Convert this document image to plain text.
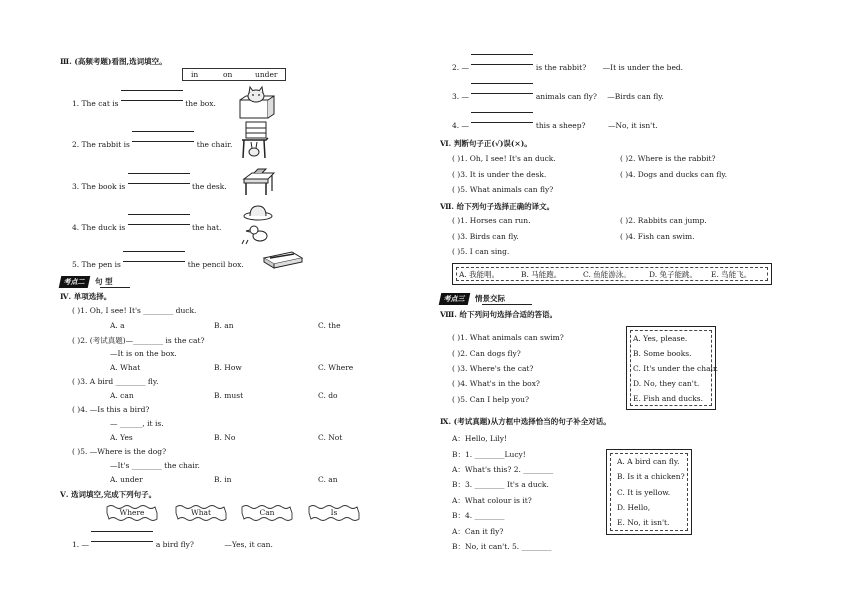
Ⅲ. (高频考题)看图,选词填空。
in	on	under
1. The cat is	the box.
2. The rabbit is	the chair.
3. The book is	the desk.
4. The duck is	the hat.
5. The pen is	the pencil box.
考点二 句 型
Ⅳ. 单项选择。
( )1. Oh, I see! It's ________ duck.
A. a	B. an	C. the
( )2. (考试真题)—________ is the cat?
—It is on the box.
A. What	B. How	C. Where
( )3. A bird ________ fly.
A. can	B. must	C. do
( )4. —Is this a bird?
— ______, it is.
A. Yes	B. No	C. Not
( )5. —Where is the dog?
—It's ________ the chair.
A. under	B. in	C. an
Ⅴ. 选词填空,完成下列句子。
Where	What	Can	Is
1. —	a bird fly?	—Yes, it can.
2. —	is the rabbit? —It is under the bed.
3. —	animals can fly? —Birds can fly.
4. —	this a sheep?	—No, it isn't.
Ⅵ. 判断句子正(√)误(×)。
( )1. Oh, I see! It's an duck.	( )2. Where is the rabbit?
( )3. It is under the desk.	( )4. Dogs and ducks can fly.
( )5. What animals can fly?
Ⅶ. 给下列句子选择正确的译文。
( )1. Horses can run.	( )2. Rabbits can jump.
( )3. Birds can fly.	( )4. Fish can swim.
( )5. I can sing.
A. 我能唱。	B. 马能跑。	C. 鱼能游泳。 D. 兔子能跳。 E. 鸟能飞。
考点三 情景交际
Ⅷ. 给下列问句选择合适的答语。
( )1. What animals can swim?
( )2. Can dogs fly?
( )3. Where's the cat?
( )4. What's in the box?
( )5. Can I help you?
A. Yes, please.
B. Some books.
C. It's under the chair.
D. No, they can't.
E. Fish and ducks.
Ⅸ. (考试真题)从方框中选择恰当的句子补全对话。
A：Hello, Lily!
B：1. ________Lucy!
A：What's this? 2. ________
B：3. ________ It's a duck.
A：What colour is it?
B：4. ________
A：Can it fly?
B：No, it can't. 5. ________
A. A bird can fly.
B. Is it a chicken?
C. It is yellow.
D. Hello,
E. No, it isn't.
